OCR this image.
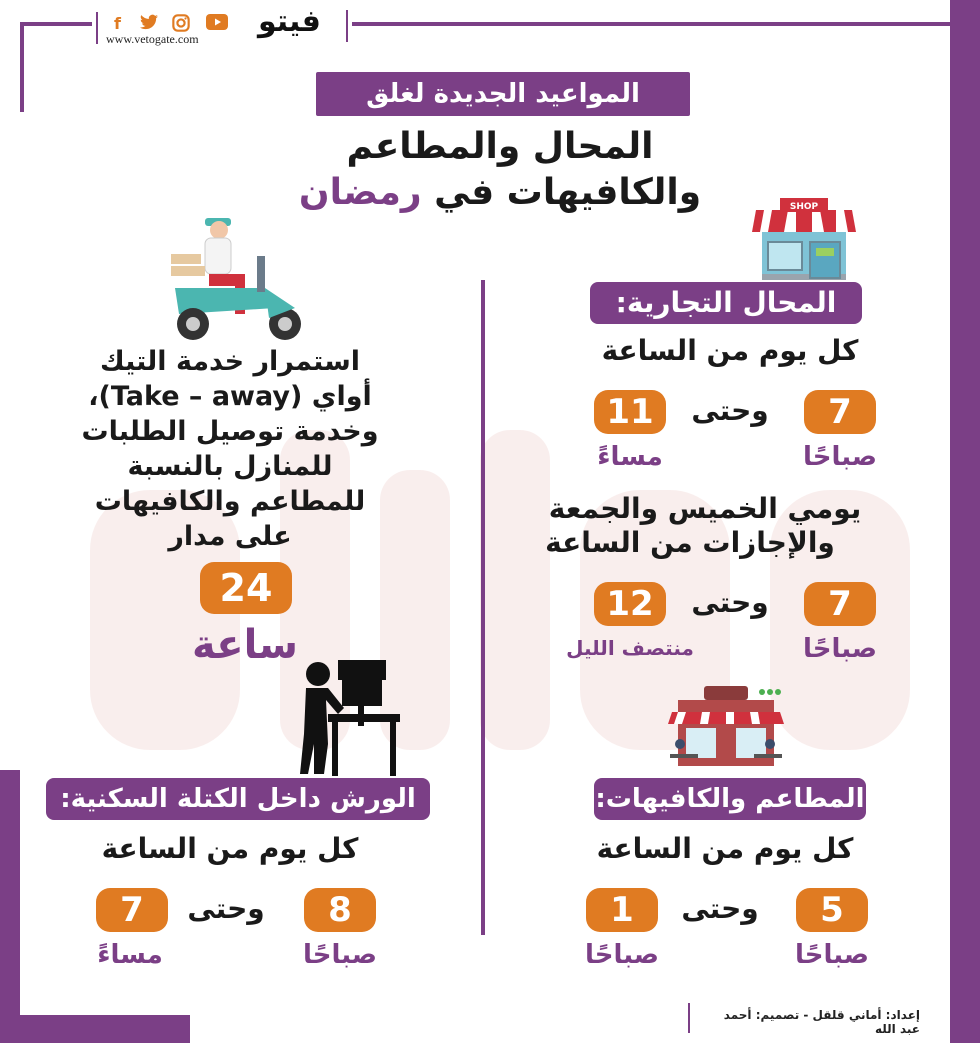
f
www.vetogate.com فيتو
المواعيد الجديدة لغلق
المحال والمطاعم
والكافيهات في رمضان	SHOP
المحال التجارية:
كل يوم من الساعة
7
وحتى
11
صباحًا
مساءً
يومي الخميس والجمعة
والإجازات من الساعة
7
وحتى
12
صباحًا
منتصف الليل
استمرار خدمة التيك
أواي (Take – away)،
وخدمة توصيل الطلبات
للمنازل بالنسبة
للمطاعم والكافيهات
على مدار
24
ساعة
المطاعم والكافيهات:
كل يوم من الساعة
5
وحتى
1
صباحًا
صباحًا
الورش داخل الكتلة السكنية:
كل يوم من الساعة
8
وحتى
7
صباحًا
مساءً
إعداد: أماني قلقل - تصميم: أحمد عبد الله
